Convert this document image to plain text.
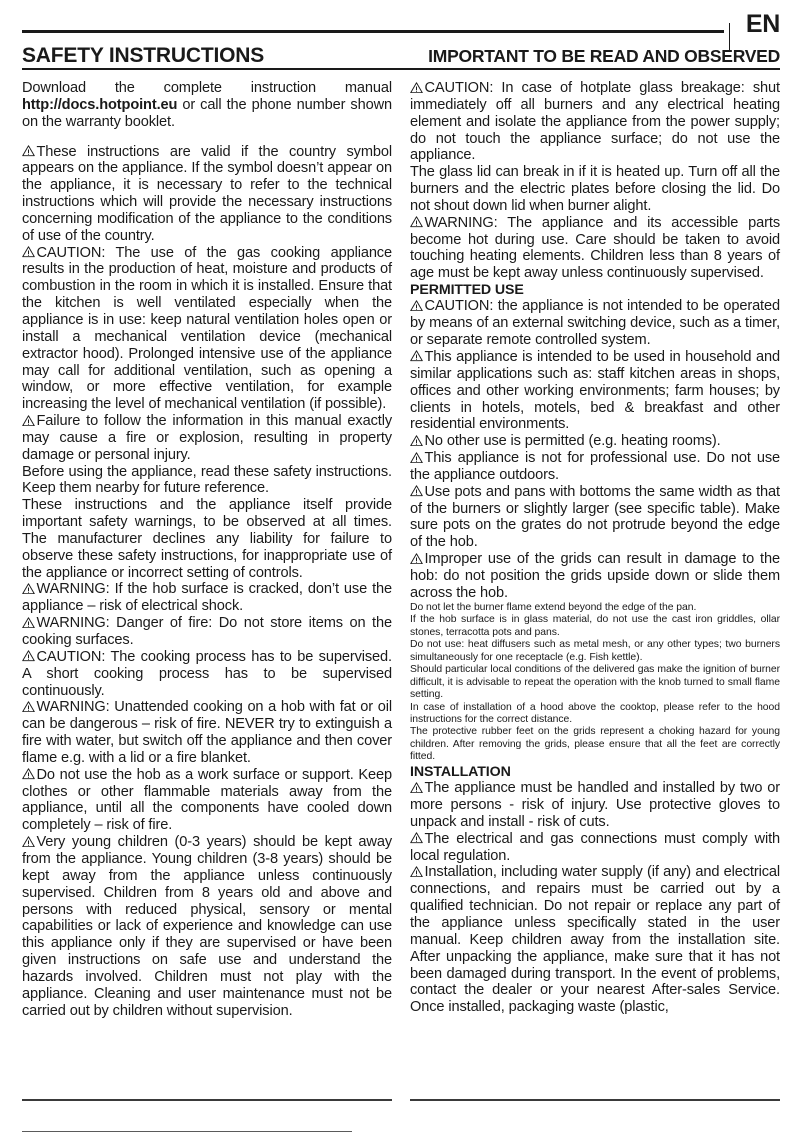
EN
SAFETY INSTRUCTIONS	IMPORTANT TO BE READ AND OBSERVED

Download the complete instruction manual http://docs.hotpoint.eu or call the phone number shown on the warranty booklet.

These instructions are valid if the country symbol appears on the appliance. If the symbol doesn’t appear on the appliance, it is necessary to refer to the technical instructions which will provide the necessary instructions concerning modification of the appliance to the conditions of use of the country.

CAUTION: The use of the gas cooking appliance results in the production of heat, moisture and products of combustion in the room in which it is installed. Ensure that the kitchen is well ventilated especially when the appliance is in use: keep natural ventilation holes open or install a mechanical ventilation device (mechanical extractor hood). Prolonged intensive use of the appliance may call for additional ventilation, such as opening a window, or more effective ventilation, for example increasing the level of mechanical ventilation (if possible).

Failure to follow the information in this manual exactly may cause a fire or explosion, resulting in property damage or personal injury.

Before using the appliance, read these safety instructions. Keep them nearby for future reference.

These instructions and the appliance itself provide important safety warnings, to be observed at all times. The manufacturer declines any liability for failure to observe these safety instructions, for inappropriate use of the appliance or incorrect setting of controls.

WARNING: If the hob surface is cracked, don’t use the appliance – risk of electrical shock.

WARNING: Danger of fire: Do not store items on the cooking surfaces.

CAUTION: The cooking process has to be supervised. A short cooking process has to be supervised continuously.

WARNING: Unattended cooking on a hob with fat or oil can be dangerous – risk of fire. NEVER try to extinguish a fire with water, but switch off the appliance and then cover flame e.g. with a lid or a fire blanket.

Do not use the hob as a work surface or support. Keep clothes or other flammable materials away from the appliance, until all the components have cooled down completely – risk of fire.

Very young children (0-3 years) should be kept away from the appliance. Young children (3-8 years) should be kept away from the appliance unless continuously supervised. Children from 8 years old and above and persons with reduced physical, sensory or mental capabilities or lack of experience and knowledge can use this appliance only if they are supervised or have been given instructions on safe use and understand the hazards involved. Children must not play with the appliance. Cleaning and user maintenance must not be carried out by children without supervision.

CAUTION: In case of hotplate glass breakage: shut immediately off all burners and any electrical heating element and isolate the appliance from the power supply; do not touch the appliance surface; do not use the appliance.

The glass lid can break in if it is heated up. Turn off all the burners and the electric plates before closing the lid. Do not shout down lid when burner alight.

WARNING: The appliance and its accessible parts become hot during use. Care should be taken to avoid touching heating elements. Children less than 8 years of age must be kept away unless continuously supervised.

PERMITTED USE

CAUTION: the appliance is not intended to be operated by means of an external switching device, such as a timer, or separate remote controlled system.

This appliance is intended to be used in household and similar applications such as: staff kitchen areas in shops, offices and other working environments; farm houses; by clients in hotels, motels, bed & breakfast and other residential environments.

No other use is permitted (e.g. heating rooms).

This appliance is not for professional use. Do not use the appliance outdoors.

Use pots and pans with bottoms the same width as that of the burners or slightly larger (see specific table). Make sure pots on the grates do not protrude beyond the edge of the hob.

Improper use of the grids can result in damage to the hob: do not position the grids upside down or slide them across the hob.

Do not let the burner flame extend beyond the edge of the pan.

If the hob surface is in glass material, do not use the cast iron griddles, ollar stones, terracotta pots and pans.

Do not use: heat diffusers such as metal mesh, or any other types; two burners simultaneously for one receptacle (e.g. Fish kettle).

Should particular local conditions of the delivered gas make the ignition of burner difficult, it is advisable to repeat the operation with the knob turned to small flame setting.

In case of installation of a hood above the cooktop, please refer to the hood instructions for the correct distance.

The protective rubber feet on the grids represent a choking hazard for young children. After removing the grids, please ensure that all the feet are correctly fitted.

INSTALLATION

The appliance must be handled and installed by two or more persons - risk of injury. Use protective gloves to unpack and install - risk of cuts.

The electrical and gas connections must comply with local regulation.

Installation, including water supply (if any) and electrical connections, and repairs must be carried out by a qualified technician. Do not repair or replace any part of the appliance unless specifically stated in the user manual. Keep children away from the installation site. After unpacking the appliance, make sure that it has not been damaged during transport. In the event of problems, contact the dealer or your nearest After-sales Service. Once installed, packaging waste (plastic,
